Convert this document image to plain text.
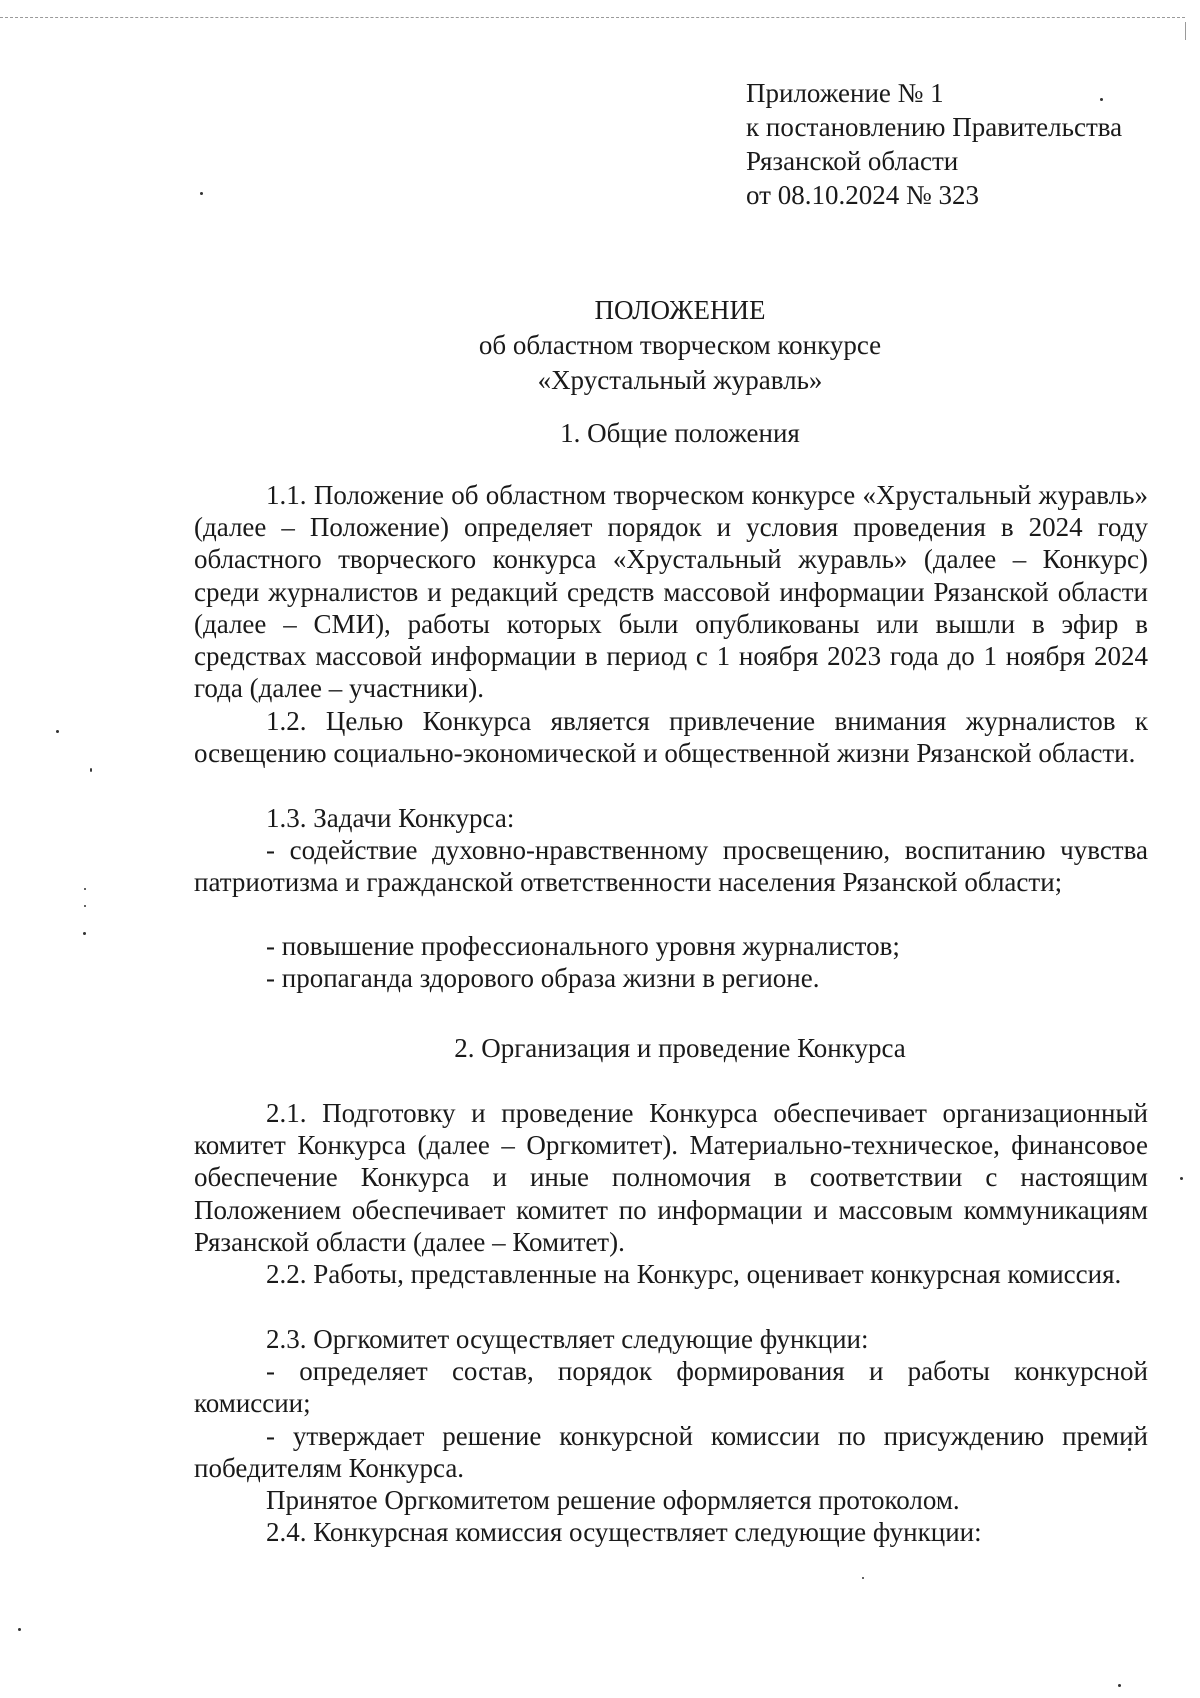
Приложение № 1
к постановлению Правительства
Рязанской области
от 08.10.2024 № 323
ПОЛОЖЕНИЕ
об областном творческом конкурсе
«Хрустальный журавль»
1. Общие положения

1.1. Положение об областном творческом конкурсе «Хрустальный журавль» (далее – Положение) определяет порядок и условия проведения в 2024 году областного творческого конкурса «Хрустальный журавль» (далее – Конкурс) среди журналистов и редакций средств массовой информации Рязанской области (далее – СМИ), работы которых были опубликованы или вышли в эфир в средствах массовой информации в период с 1 ноября 2023 года до 1 ноября 2024 года (далее – участники).

1.2. Целью Конкурса является привлечение внимания журналистов к освещению социально-экономической и общественной жизни Рязанской области.

1.3. Задачи Конкурса:

- содействие духовно-нравственному просвещению, воспитанию чувства патриотизма и гражданской ответственности населения Рязанской области;

- повышение профессионального уровня журналистов;

- пропаганда здорового образа жизни в регионе.

2. Организация и проведение Конкурса

2.1. Подготовку и проведение Конкурса обеспечивает организационный комитет Конкурса (далее – Оргкомитет). Материально-техническое, финансовое обеспечение Конкурса и иные полномочия в соответствии с настоящим Положением обеспечивает комитет по информации и массовым коммуникациям Рязанской области (далее – Комитет).

2.2. Работы, представленные на Конкурс, оценивает конкурсная комиссия.

2.3. Оргкомитет осуществляет следующие функции:

- определяет состав, порядок формирования и работы конкурсной комиссии;

- утверждает решение конкурсной комиссии по присуждению премий победителям Конкурса.

Принятое Оргкомитетом решение оформляется протоколом.

2.4. Конкурсная комиссия осуществляет следующие функции:
